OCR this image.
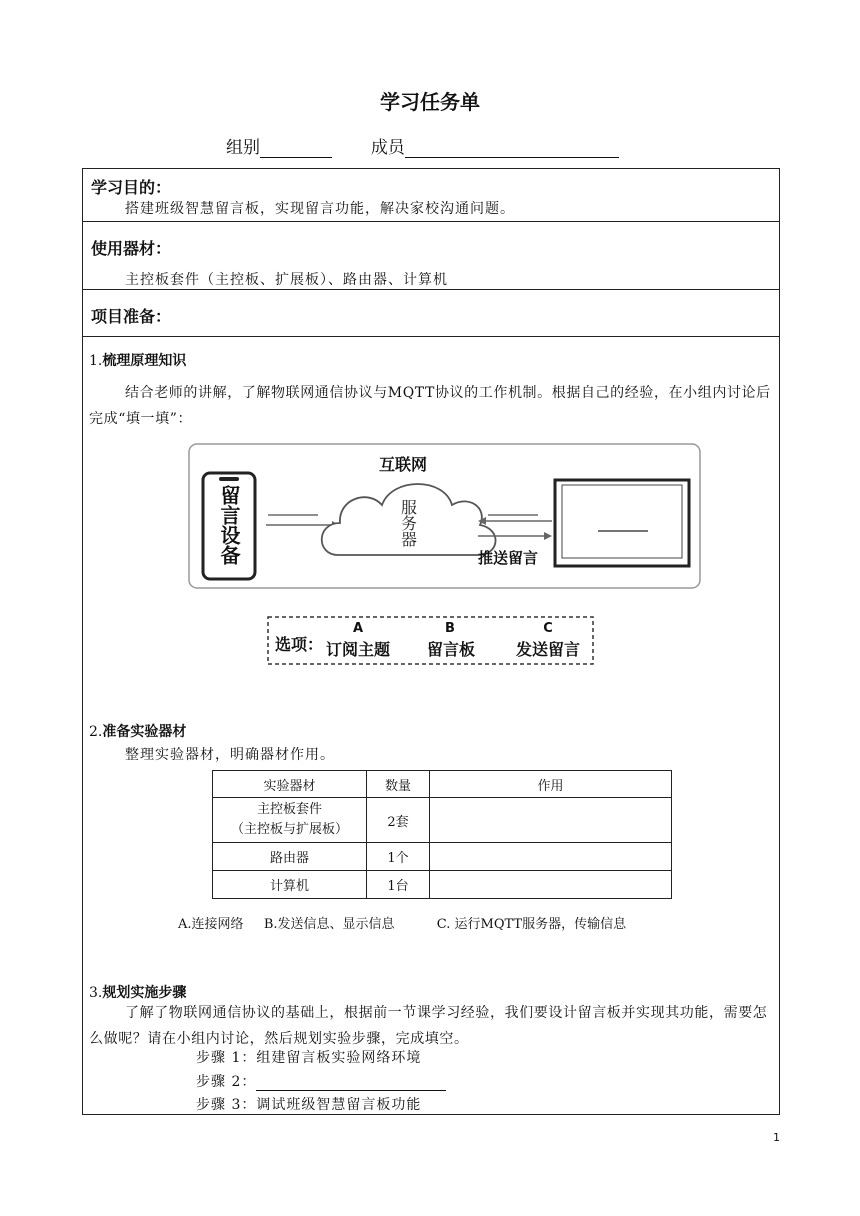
学习任务单
组别	成员
学习目的：
搭建班级智慧留言板，实现留言功能，解决家校沟通问题。
使用器材：
主控板套件（主控板、扩展板）、路由器、计算机
项目准备：
1.梳理原理知识
结合老师的讲解，了解物联网通信协议与MQTT协议的工作机制。根据自己的经验，在小组内讨论后完成“填一填”：
留言设备
互联网
服务器
推送留言
选项：
A
订阅主题
B
留言板
C
发送留言
2.准备实验器材
整理实验器材，明确器材作用。
实验器材	数量	作用

主控板套件
（主控板与扩展板）	2套	
路由器	1个	
计算机	1台	
A.连接网络 B.发送信息、显示信息	C. 运行MQTT服务器，传输信息
3.规划实施步骤
了解了物联网通信协议的基础上，根据前一节课学习经验，我们要设计留言板并实现其功能，需要怎么做呢？请在小组内讨论，然后规划实验步骤，完成填空。
步骤 1：组建留言板实验网络环境
步骤 2：
步骤 3：调试班级智慧留言板功能
1
